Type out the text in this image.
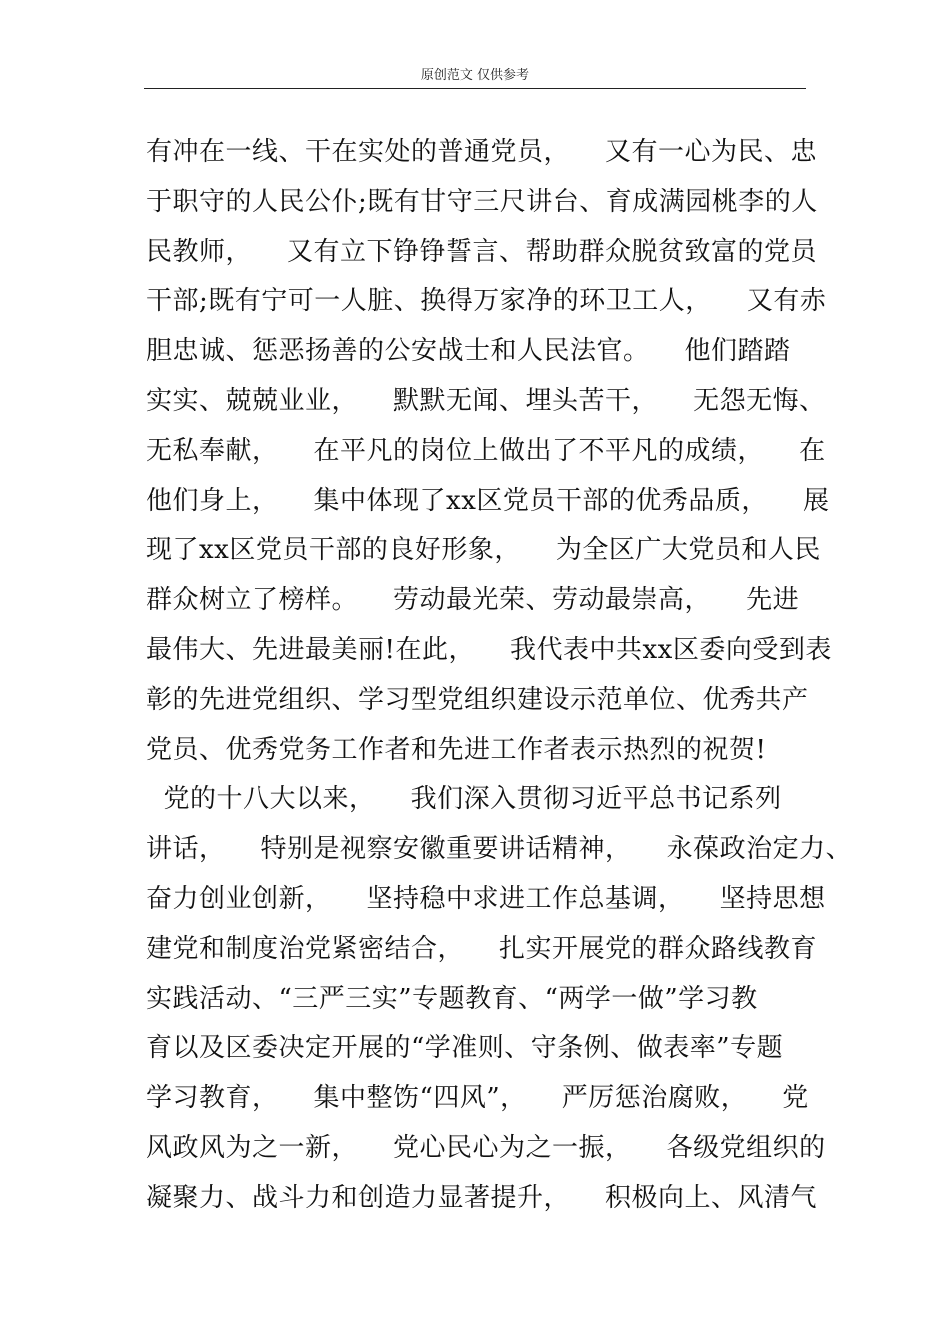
原创范文 仅供参考
有冲在一线、干在实处的普通党员，    又有一心为民、忠
于职守的人民公仆;既有甘守三尺讲台、育成满园桃李的人
民教师，    又有立下铮铮誓言、帮助群众脱贫致富的党员
干部;既有宁可一人脏、换得万家净的环卫工人，    又有赤
胆忠诚、惩恶扬善的公安战士和人民法官。    他们踏踏
实实、兢兢业业，    默默无闻、埋头苦干，    无怨无悔、
无私奉献，    在平凡的岗位上做出了不平凡的成绩，    在
他们身上，    集中体现了xx区党员干部的优秀品质，    展
现了xx区党员干部的良好形象，    为全区广大党员和人民
群众树立了榜样。    劳动最光荣、劳动最崇高，    先进
最伟大、先进最美丽!在此，    我代表中共xx区委向受到表
彰的先进党组织、学习型党组织建设示范单位、优秀共产
党员、优秀党务工作者和先进工作者表示热烈的祝贺!
党的十八大以来，    我们深入贯彻习近平总书记系列
讲话，    特别是视察安徽重要讲话精神，    永葆政治定力、
奋力创业创新，    坚持稳中求进工作总基调，    坚持思想
建党和制度治党紧密结合，    扎实开展党的群众路线教育
实践活动、“三严三实”专题教育、“两学一做”学习教
育以及区委决定开展的“学准则、守条例、做表率”专题
学习教育，    集中整饬“四风”，    严厉惩治腐败，    党
风政风为之一新，    党心民心为之一振，    各级党组织的
凝聚力、战斗力和创造力显著提升，    积极向上、风清气
